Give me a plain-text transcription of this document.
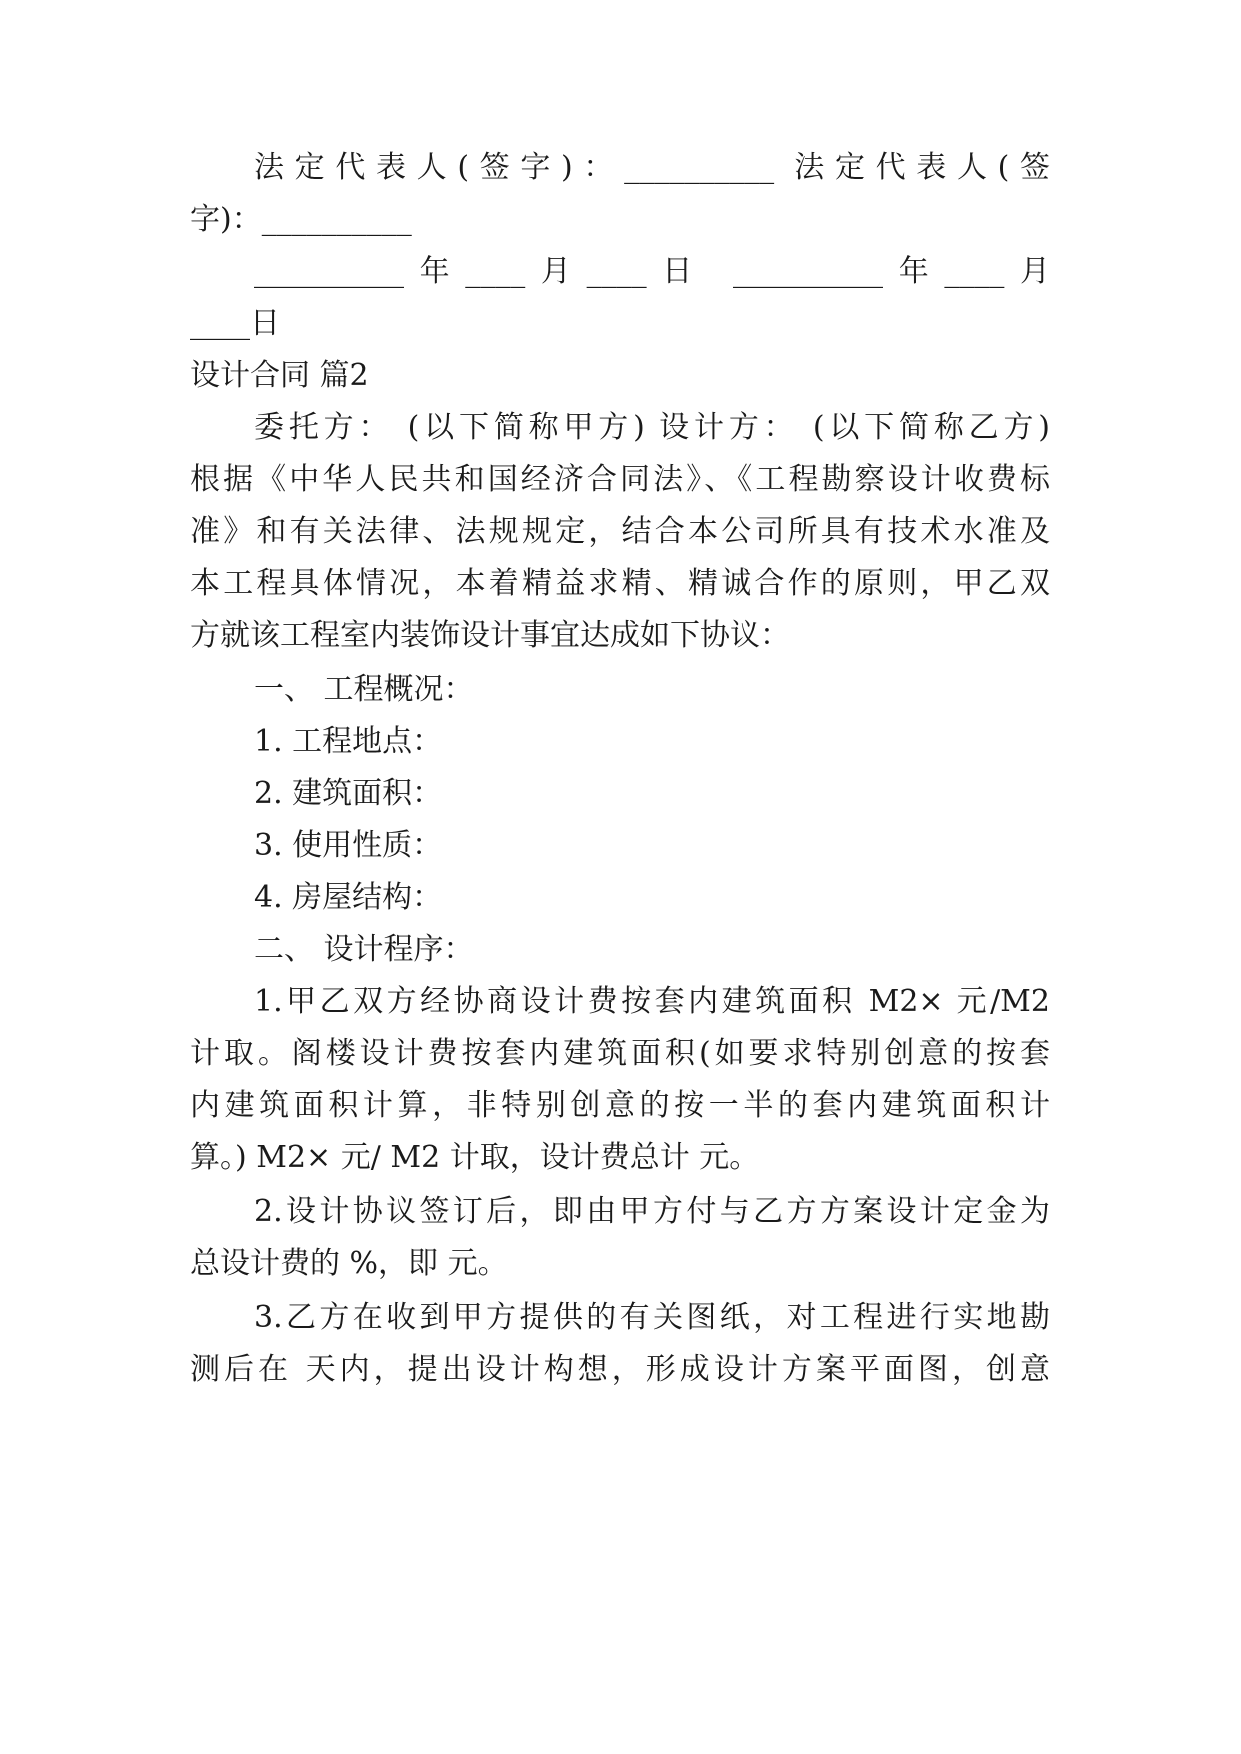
法定代表人(签字)：__________ 法定代表人(签
字)：__________
__________年____月____日 __________年____月
____日
设计合同 篇2
委托方： (以下简称甲方) 设计方： (以下简称乙方)
根据《中华人民共和国经济合同法》、《工程勘察设计收费标
准》和有关法律、法规规定，结合本公司所具有技术水准及
本工程具体情况，本着精益求精、精诚合作的原则，甲乙双
方就该工程室内装饰设计事宜达成如下协议：
一、 工程概况：
1. 工程地点：
2. 建筑面积：
3. 使用性质：
4. 房屋结构：
二、 设计程序：
1.甲乙双方经协商设计费按套内建筑面积 M2× 元/M2
计取。阁楼设计费按套内建筑面积(如要求特别创意的按套
内建筑面积计算，非特别创意的按一半的套内建筑面积计
算。) M2× 元/ M2 计取，设计费总计 元。
2.设计协议签订后，即由甲方付与乙方方案设计定金为
总设计费的 %，即 元。
3.乙方在收到甲方提供的有关图纸，对工程进行实地勘
测后在 天内，提出设计构想，形成设计方案平面图，创意
